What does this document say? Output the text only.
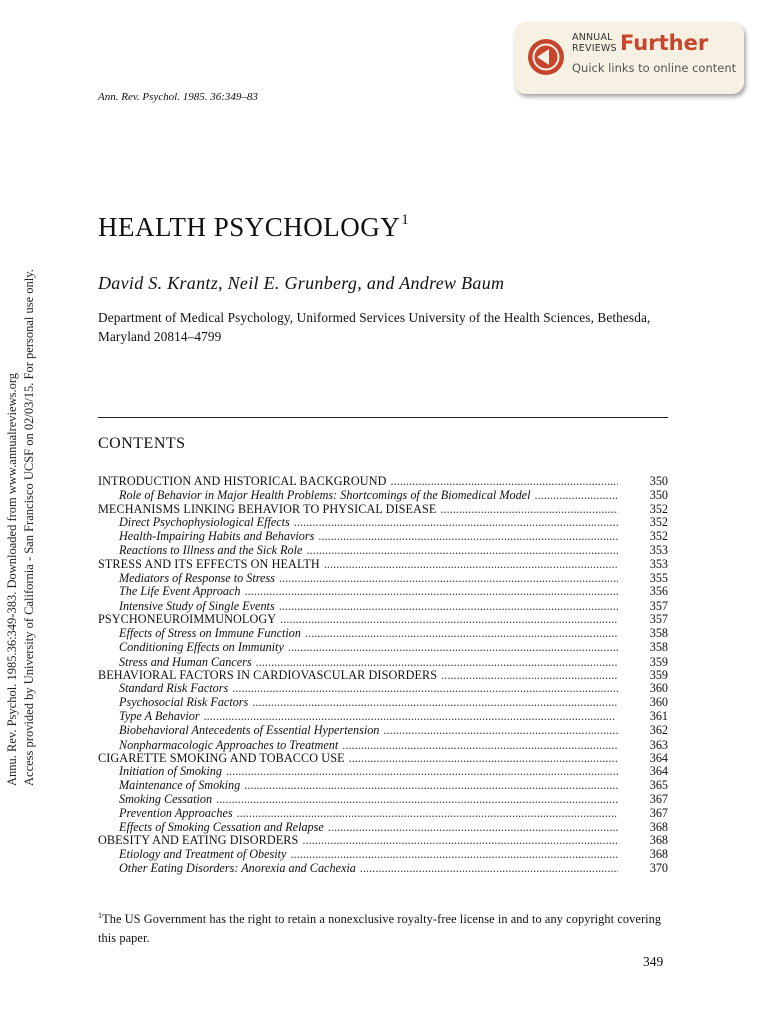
Annu. Rev. Psychol. 1985.36:349-383. Downloaded from www.annualreviews.org Access provided by University of California - San Francisco UCSF on 02/03/15. For personal use only.
ANNUAL
REVIEWS Further
Quick links to online content
Ann. Rev. Psychol. 1985. 36:349–83
HEALTH PSYCHOLOGY$^1$
David S. Krantz, Neil E. Grunberg, and Andrew Baum
Department of Medical Psychology, Uniformed Services University of the Health Sciences, Bethesda, Maryland 20814–4799
CONTENTS
INTRODUCTION AND HISTORICAL BACKGROUND . . .	350
Role of Behavior in Major Health Problems: Shortcomings of the Biomedical Model . . .	350
MECHANISMS LINKING BEHAVIOR TO PHYSICAL DISEASE . . .	352
Direct Psychophysiological Effects . . .	352
Health-Impairing Habits and Behaviors . . .	352
Reactions to Illness and the Sick Role . . .	353
STRESS AND ITS EFFECTS ON HEALTH . . .	353
Mediators of Response to Stress . . .	355
The Life Event Approach . . .	356
Intensive Study of Single Events . . .	357
PSYCHONEUROIMMUNOLOGY . . .	357
Effects of Stress on Immune Function . . .	358
Conditioning Effects on Immunity . . .	358
Stress and Human Cancers . . .	359
BEHAVIORAL FACTORS IN CARDIOVASCULAR DISORDERS . . .	359
Standard Risk Factors . . .	360
Psychosocial Risk Factors . . .	360
Type A Behavior . . .	361
Biobehavioral Antecedents of Essential Hypertension . . .	362
Nonpharmacologic Approaches to Treatment . . .	363
CIGARETTE SMOKING AND TOBACCO USE . . .	364
Initiation of Smoking . . .	364
Maintenance of Smoking . . .	365
Smoking Cessation . . .	367
Prevention Approaches . . .	367
Effects of Smoking Cessation and Relapse . . .	368
OBESITY AND EATING DISORDERS . . .	368
Etiology and Treatment of Obesity . . .	368
Other Eating Disorders: Anorexia and Cachexia . . .	370
$^1$The US Government has the right to retain a nonexclusive royalty-free license in and to any copyright covering this paper.
349
